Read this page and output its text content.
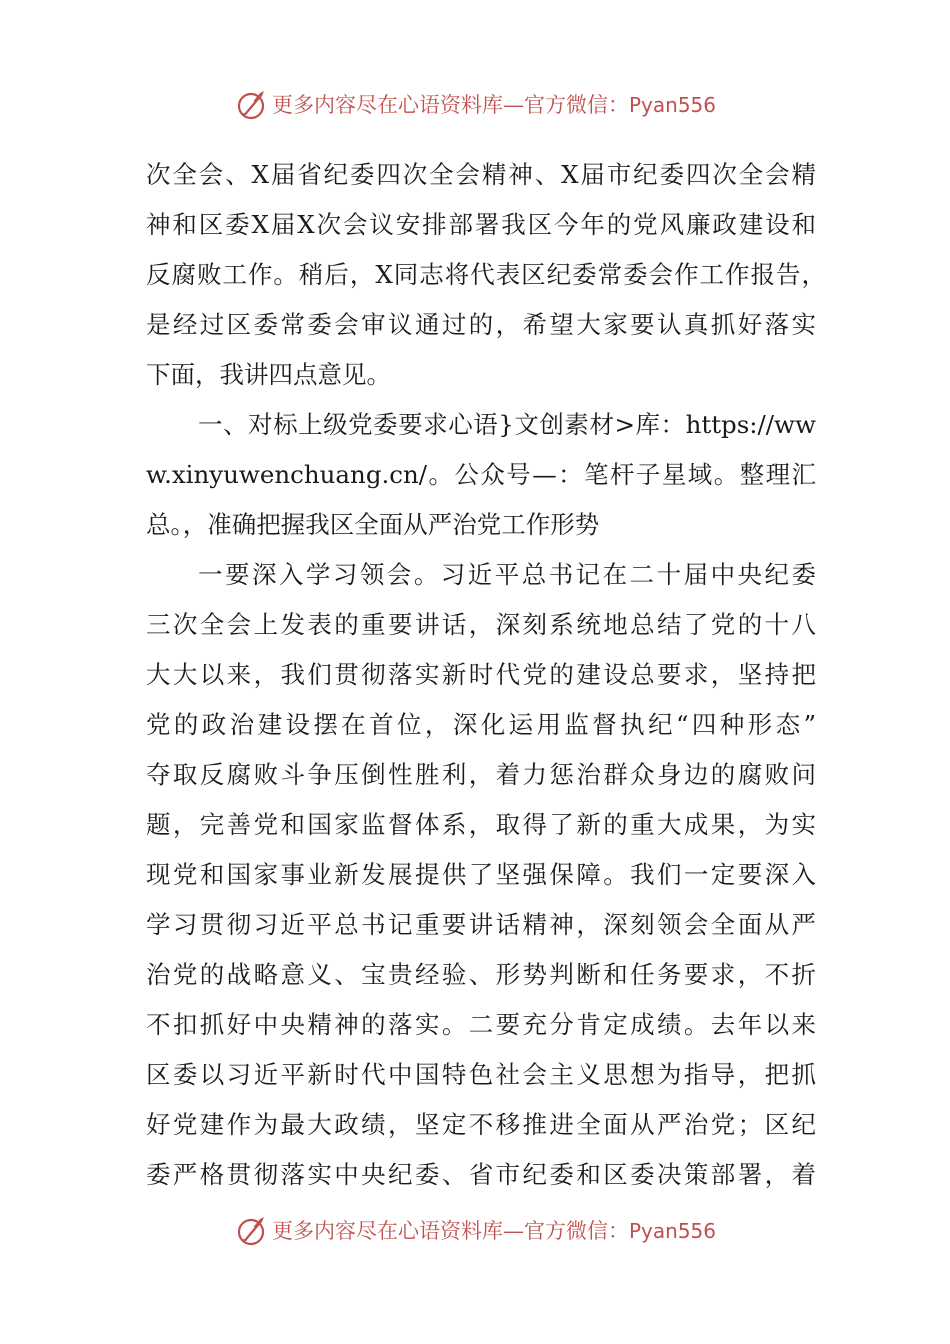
更多内容尽在心语资料库—官方微信：Pyan556
次全会、X届省纪委四次全会精神、X届市纪委四次全会精
神和区委X届X次会议安排部署我区今年的党风廉政建设和
反腐败工作。稍后，X同志将代表区纪委常委会作工作报告，
是经过区委常委会审议通过的，希望大家要认真抓好落实
下面，我讲四点意见。
一、对标上级党委要求心语}文创素材>库：https://ww
w.xinyuwenchuang.cn/。公众号—：笔杆子星域。整理汇
总。，准确把握我区全面从严治党工作形势
一要深入学习领会。习近平总书记在二十届中央纪委
三次全会上发表的重要讲话，深刻系统地总结了党的十八
大大以来，我们贯彻落实新时代党的建设总要求，坚持把
党的政治建设摆在首位，深化运用监督执纪“四种形态”
夺取反腐败斗争压倒性胜利，着力惩治群众身边的腐败问
题，完善党和国家监督体系，取得了新的重大成果，为实
现党和国家事业新发展提供了坚强保障。我们一定要深入
学习贯彻习近平总书记重要讲话精神，深刻领会全面从严
治党的战略意义、宝贵经验、形势判断和任务要求，不折
不扣抓好中央精神的落实。二要充分肯定成绩。去年以来
区委以习近平新时代中国特色社会主义思想为指导，把抓
好党建作为最大政绩，坚定不移推进全面从严治党；区纪
委严格贯彻落实中央纪委、省市纪委和区委决策部署，着
更多内容尽在心语资料库—官方微信：Pyan556
